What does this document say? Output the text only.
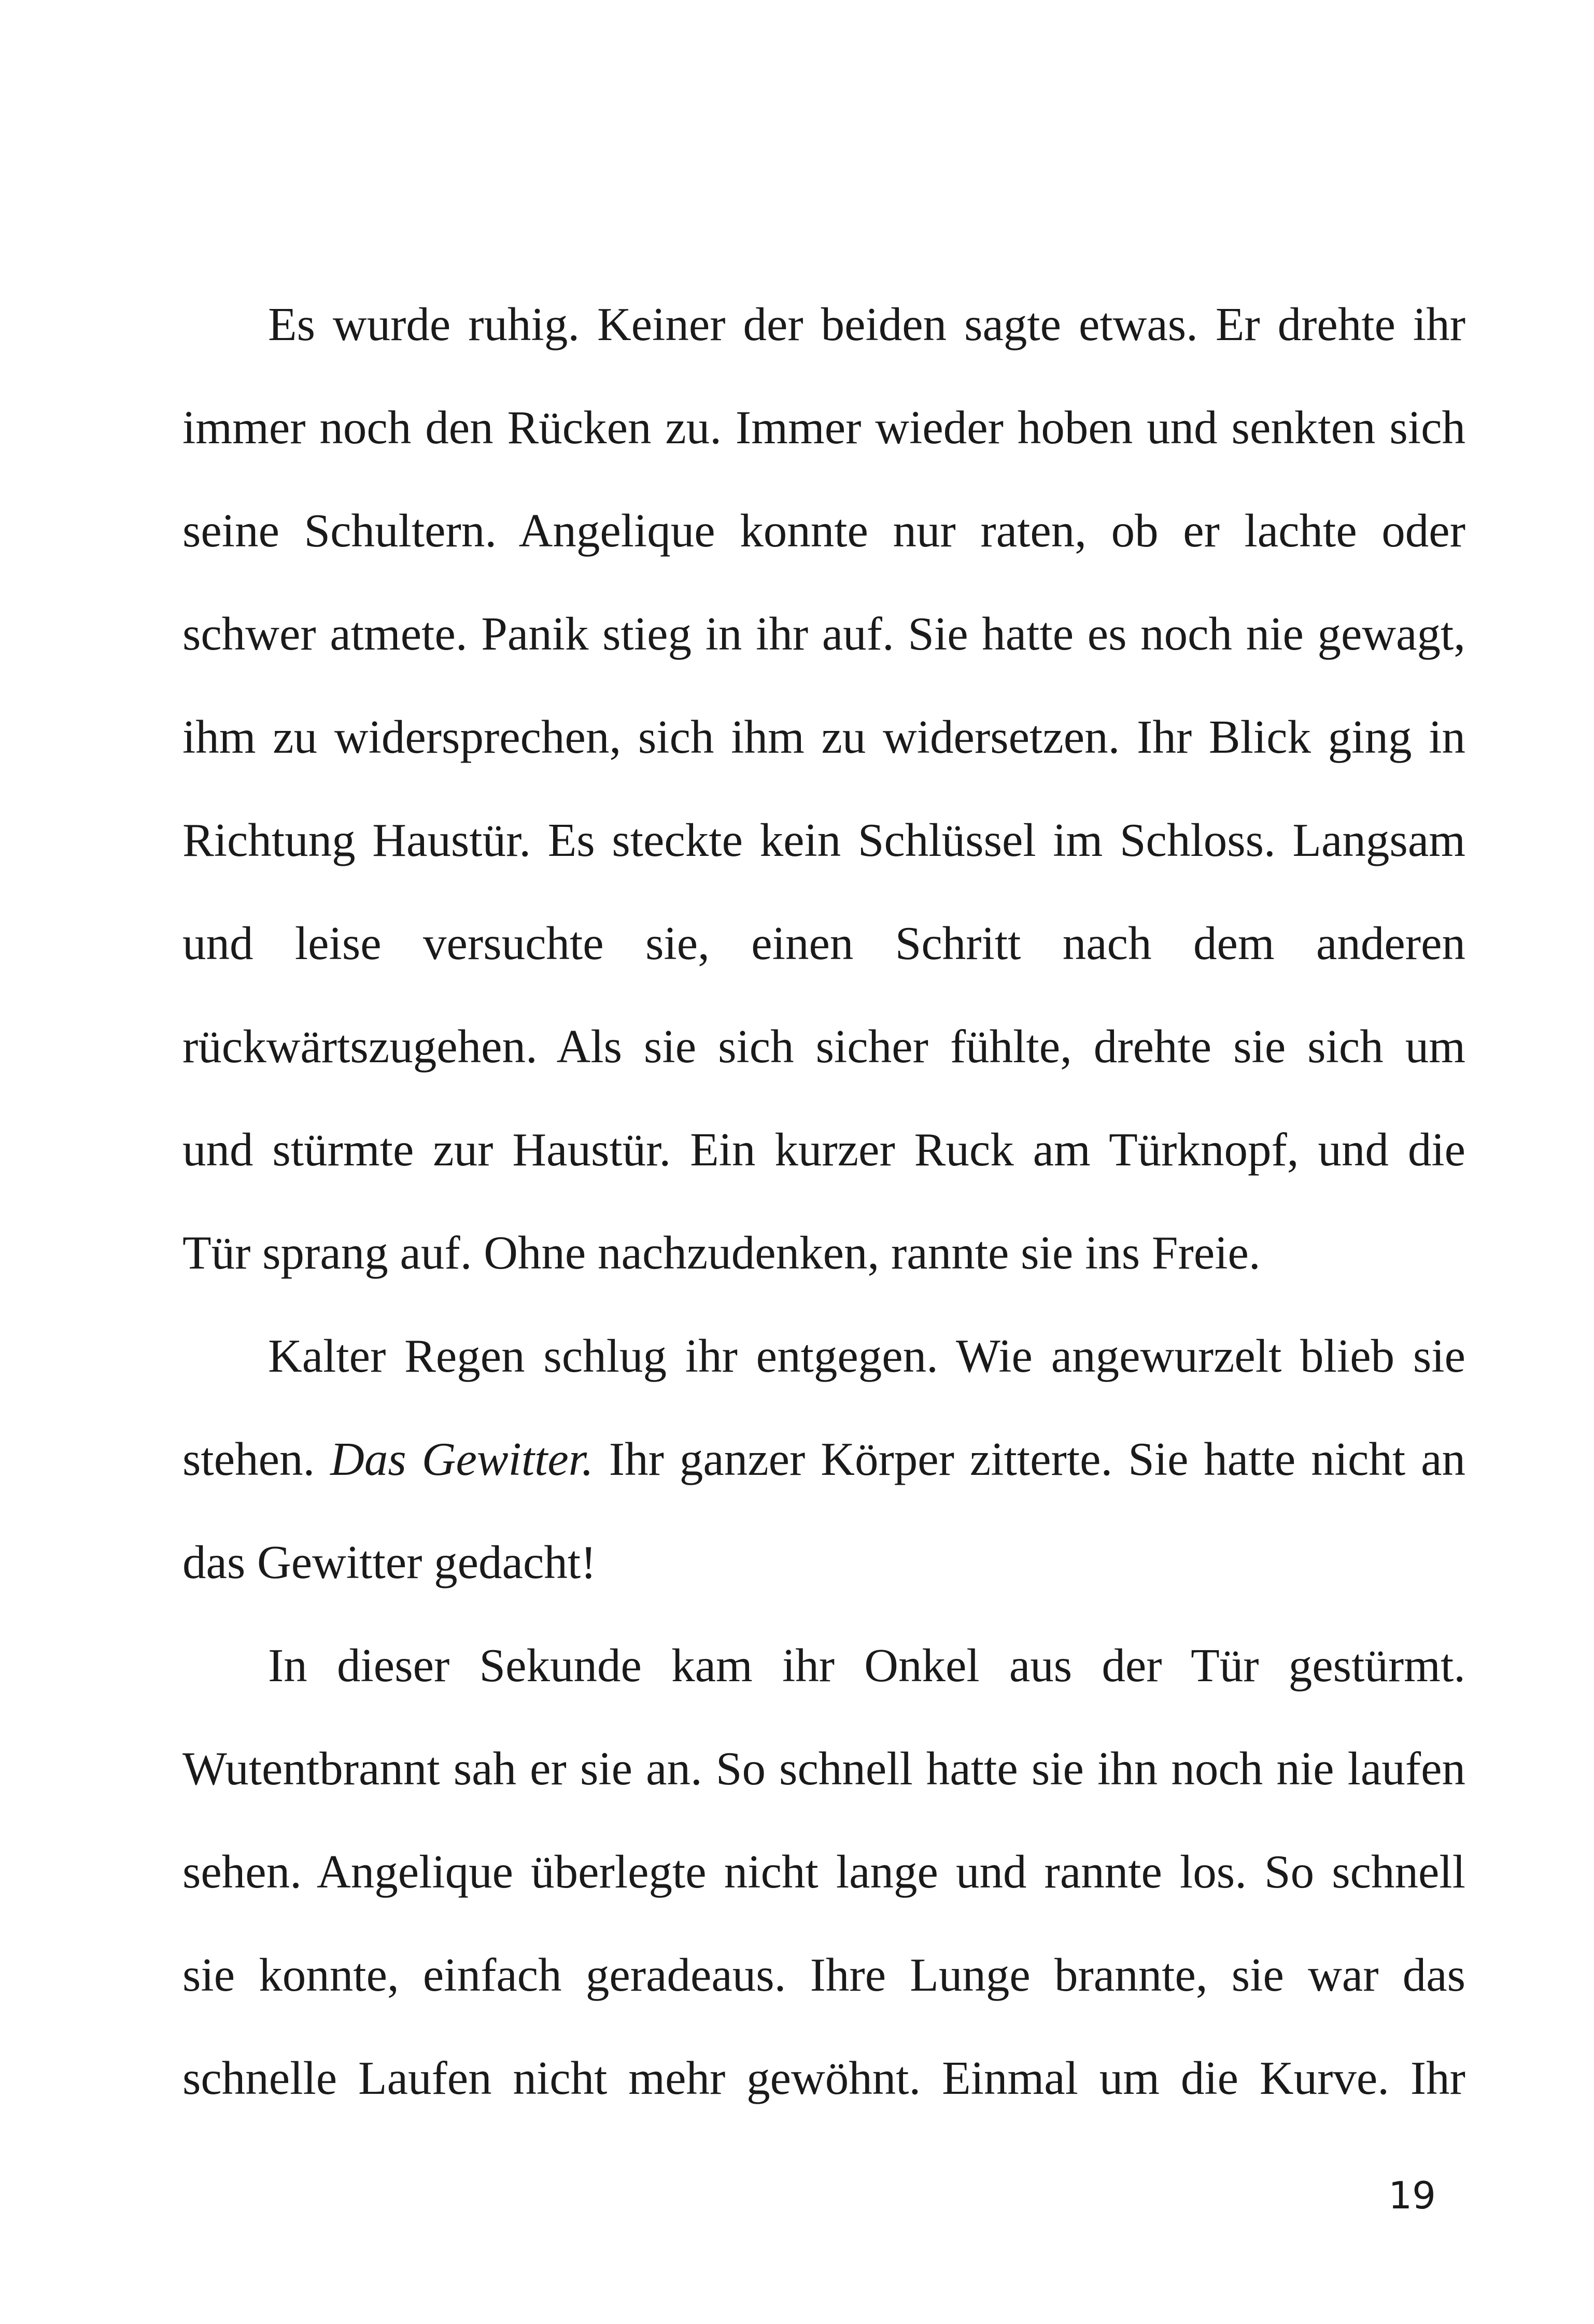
Es wurde ruhig. Keiner der beiden sagte etwas. Er drehte ihr
immer noch den Rücken zu. Immer wieder hoben und senkten sich
seine Schultern. Angelique konnte nur raten, ob er lachte oder
schwer atmete. Panik stieg in ihr auf. Sie hatte es noch nie gewagt,
ihm zu widersprechen, sich ihm zu widersetzen. Ihr Blick ging in
Richtung Haustür. Es steckte kein Schlüssel im Schloss. Langsam
und leise versuchte sie, einen Schritt nach dem anderen
rückwärtszugehen. Als sie sich sicher fühlte, drehte sie sich um
und stürmte zur Haustür. Ein kurzer Ruck am Türknopf, und die
Tür sprang auf. Ohne nachzudenken, rannte sie ins Freie.
Kalter Regen schlug ihr entgegen. Wie angewurzelt blieb sie
stehen. Das Gewitter. Ihr ganzer Körper zitterte. Sie hatte nicht an
das Gewitter gedacht!
In dieser Sekunde kam ihr Onkel aus der Tür gestürmt.
Wutentbrannt sah er sie an. So schnell hatte sie ihn noch nie laufen
sehen. Angelique überlegte nicht lange und rannte los. So schnell
sie konnte, einfach geradeaus. Ihre Lunge brannte, sie war das
schnelle Laufen nicht mehr gewöhnt. Einmal um die Kurve. Ihr
19
